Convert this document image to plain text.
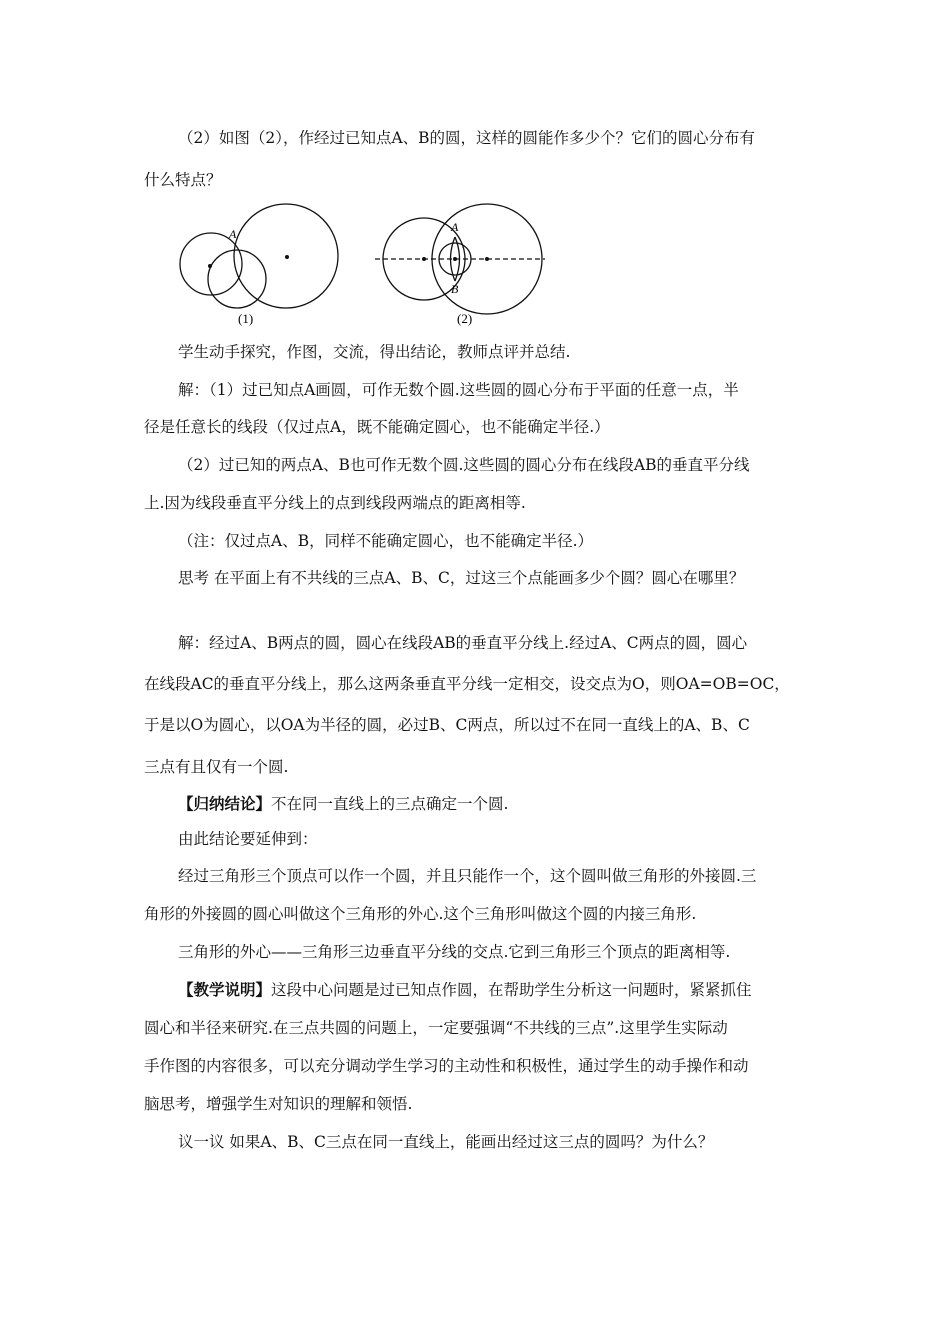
（2）如图（2），作经过已知点A、B的圆，这样的圆能作多少个？它们的圆心分布有
什么特点？
A	A
B
(1)	(2)
学生动手探究，作图，交流，得出结论，教师点评并总结.
解：（1）过已知点A画圆，可作无数个圆.这些圆的圆心分布于平面的任意一点，半
径是任意长的线段（仅过点A，既不能确定圆心，也不能确定半径.）
（2）过已知的两点A、B也可作无数个圆.这些圆的圆心分布在线段AB的垂直平分线
上.因为线段垂直平分线上的点到线段两端点的距离相等.
（注：仅过点A、B，同样不能确定圆心，也不能确定半径.）
思考 在平面上有不共线的三点A、B、C，过这三个点能画多少个圆？圆心在哪里？
解：经过A、B两点的圆，圆心在线段AB的垂直平分线上.经过A、C两点的圆，圆心
在线段AC的垂直平分线上，那么这两条垂直平分线一定相交，设交点为O，则OA=OB=OC，
于是以O为圆心，以OA为半径的圆，必过B、C两点，所以过不在同一直线上的A、B、C
三点有且仅有一个圆.
【归纳结论】不在同一直线上的三点确定一个圆.
由此结论要延伸到：
经过三角形三个顶点可以作一个圆，并且只能作一个，这个圆叫做三角形的外接圆.三
角形的外接圆的圆心叫做这个三角形的外心.这个三角形叫做这个圆的内接三角形.
三角形的外心——三角形三边垂直平分线的交点.它到三角形三个顶点的距离相等.
【教学说明】这段中心问题是过已知点作圆，在帮助学生分析这一问题时，紧紧抓住
圆心和半径来研究.在三点共圆的问题上，一定要强调“不共线的三点”.这里学生实际动
手作图的内容很多，可以充分调动学生学习的主动性和积极性，通过学生的动手操作和动
脑思考，增强学生对知识的理解和领悟.
议一议 如果A、B、C三点在同一直线上，能画出经过这三点的圆吗？为什么？
